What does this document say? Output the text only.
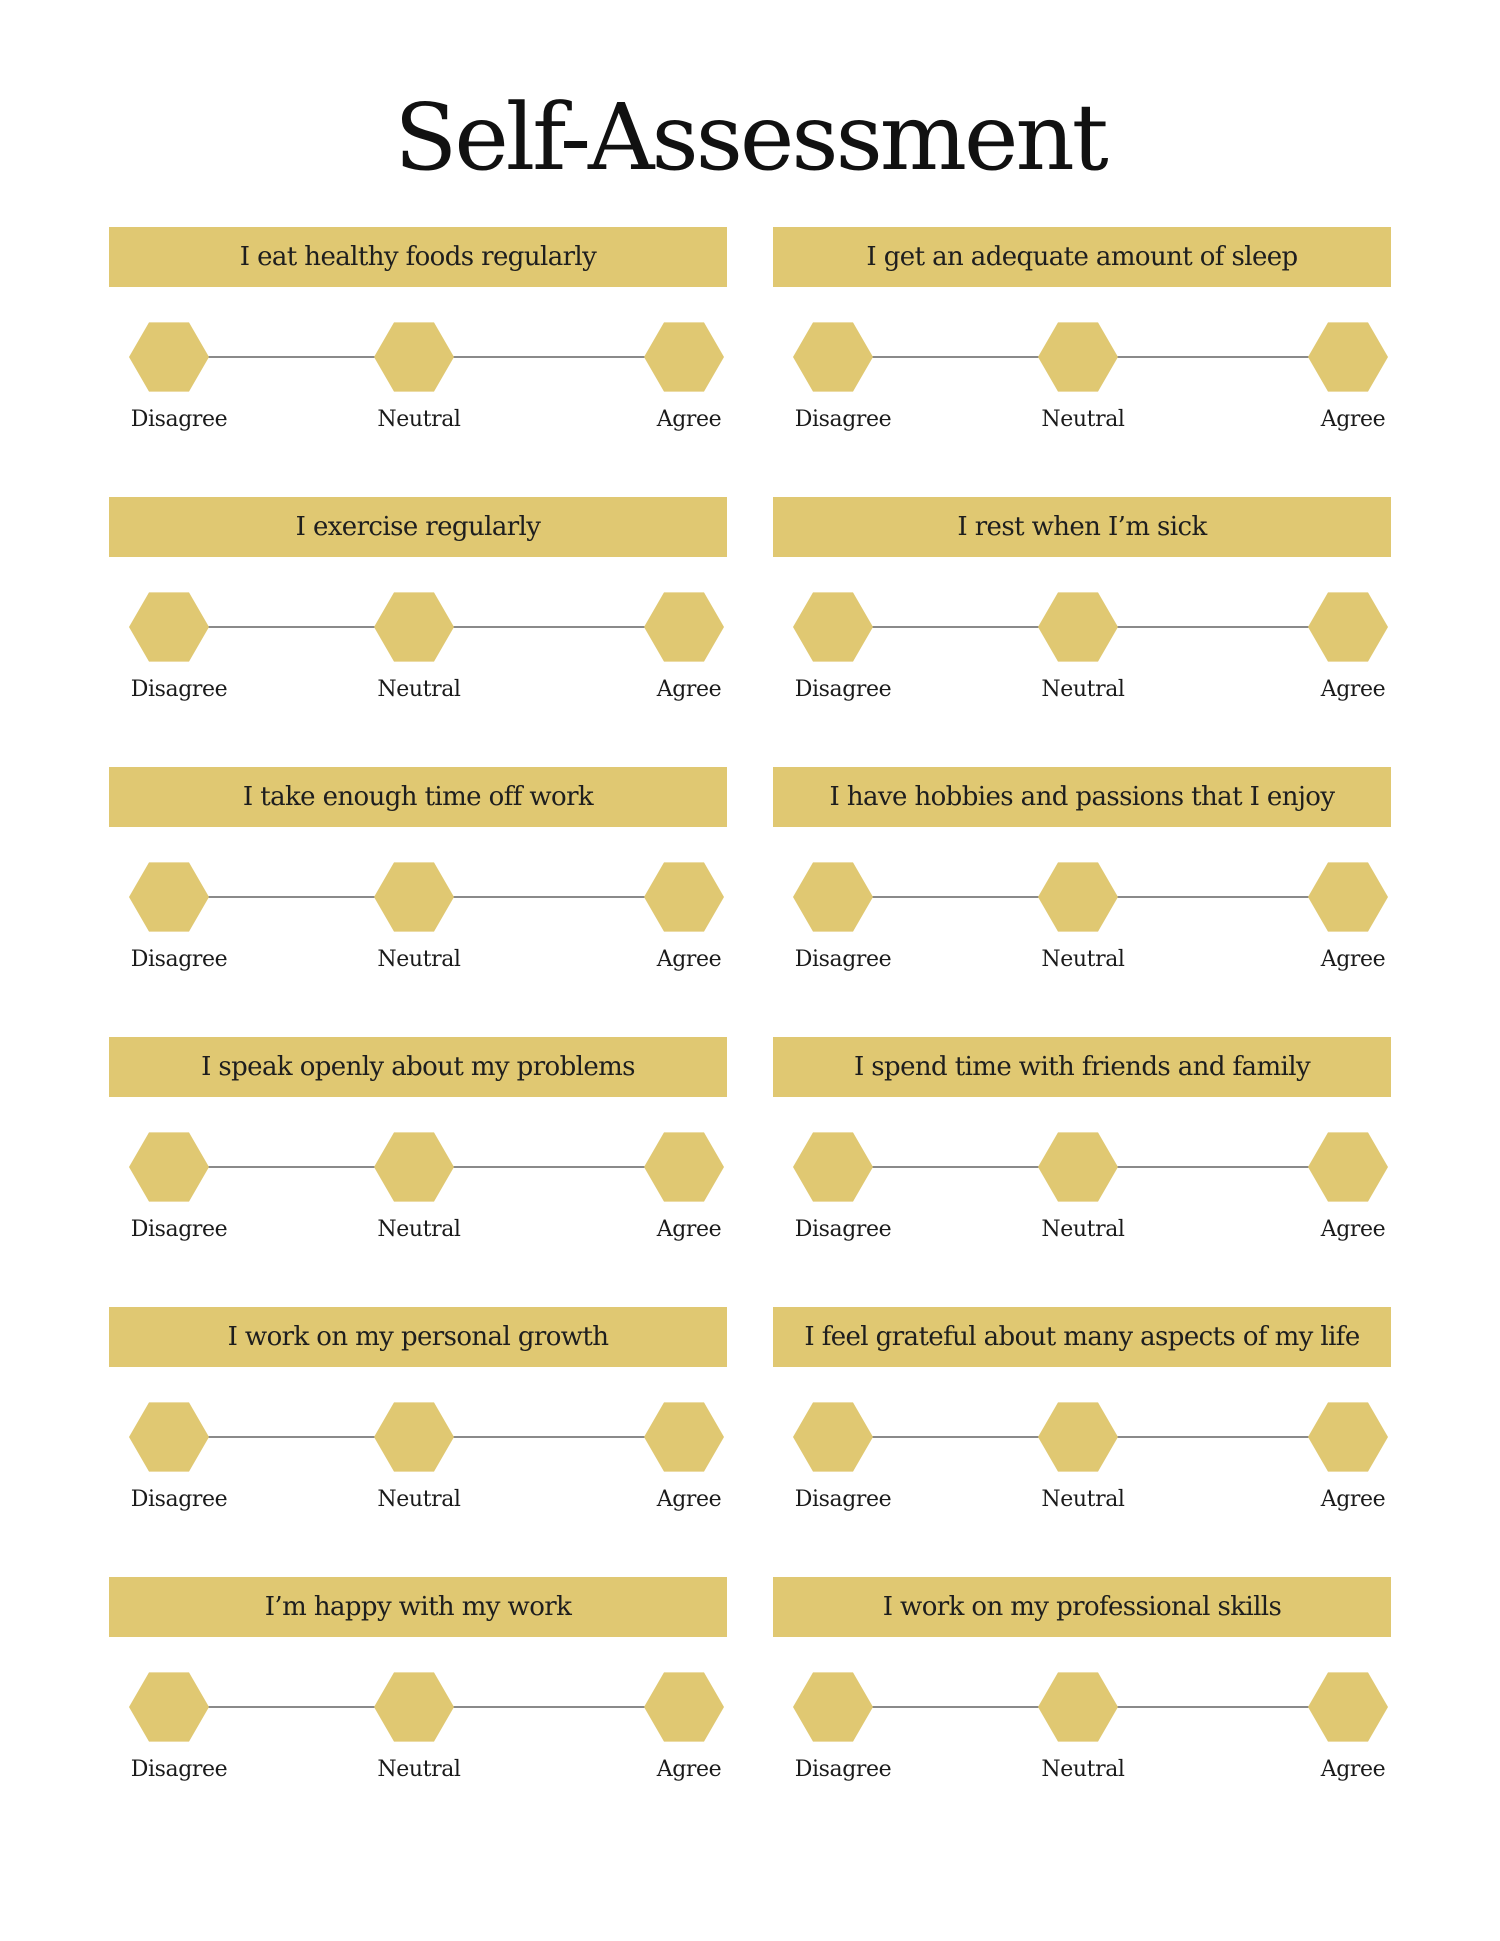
Self-Assessment
I eat healthy foods regularly
Disagree	Neutral	Agree
I get an adequate amount of sleep
Disagree	Neutral	Agree
I exercise regularly
Disagree	Neutral	Agree
I rest when I’m sick
Disagree	Neutral	Agree
I take enough time off work
Disagree	Neutral	Agree
I have hobbies and passions that I enjoy
Disagree	Neutral	Agree
I speak openly about my problems
Disagree	Neutral	Agree
I spend time with friends and family
Disagree	Neutral	Agree
I work on my personal growth
Disagree	Neutral	Agree
I feel grateful about many aspects of my life
Disagree	Neutral	Agree
I’m happy with my work
Disagree	Neutral	Agree
I work on my professional skills
Disagree	Neutral	Agree
